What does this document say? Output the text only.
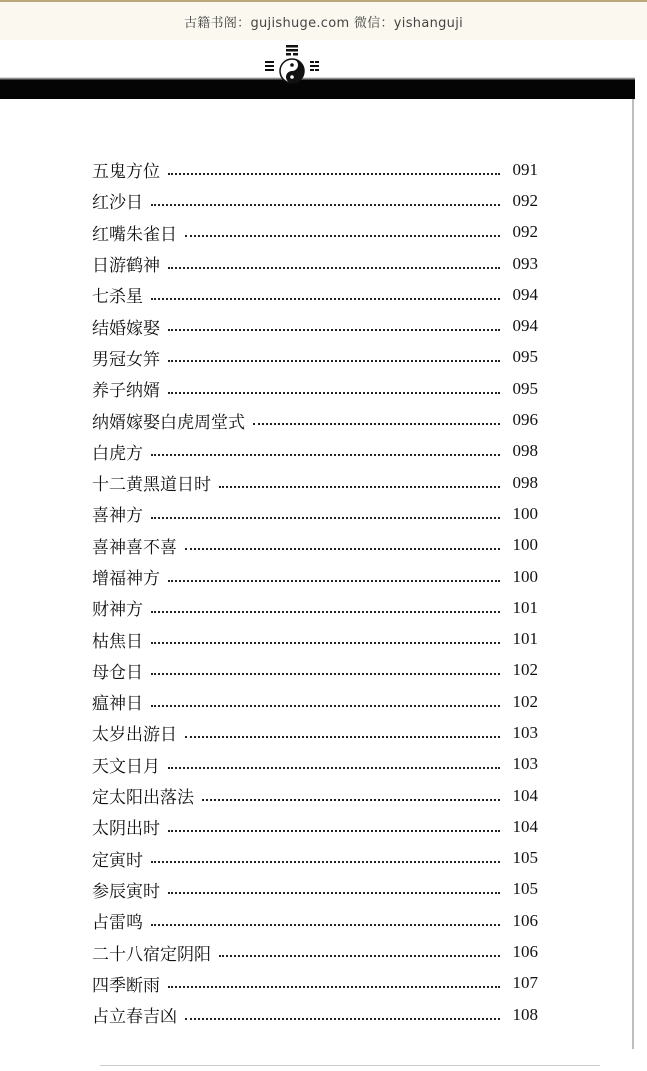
古籍书阁：gujishuge.com 微信：yishanguji
五鬼方位	091
红沙日	092
红嘴朱雀日	092
日游鹤神	093
七杀星	094
结婚嫁娶	094
男冠女笄	095
养子纳婿	095
纳婿嫁娶白虎周堂式	096
白虎方	098
十二黄黑道日时	098
喜神方	100
喜神喜不喜	100
增福神方	100
财神方	101
枯焦日	101
母仓日	102
瘟神日	102
太岁出游日	103
天文日月	103
定太阳出落法	104
太阴出时	104
定寅时	105
参辰寅时	105
占雷鸣	106
二十八宿定阴阳	106
四季断雨	107
占立春吉凶	108
